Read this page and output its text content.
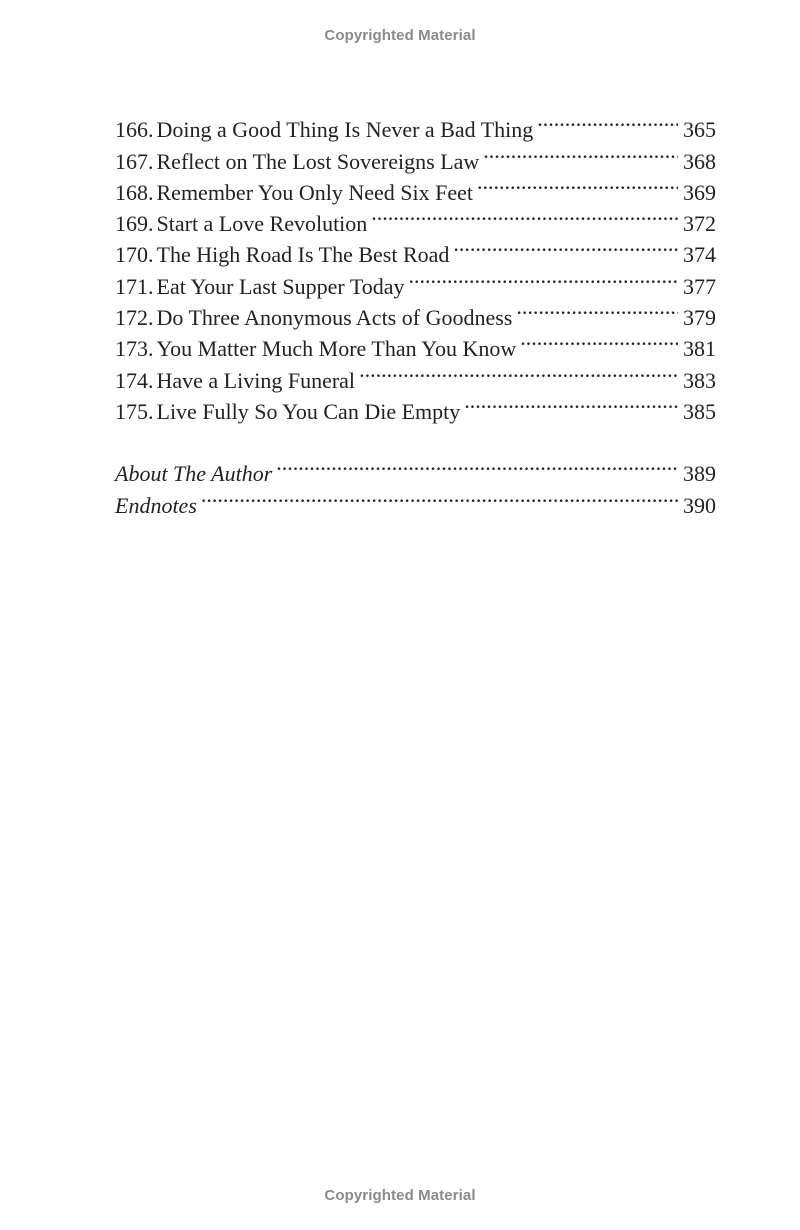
Copyrighted Material
166. Doing a Good Thing Is Never a Bad Thing .....	365
167. Reflect on The Lost Sovereigns Law .....	368
168. Remember You Only Need Six Feet .....	369
169. Start a Love Revolution .....	372
170. The High Road Is The Best Road .....	374
171. Eat Your Last Supper Today .....	377
172. Do Three Anonymous Acts of Goodness .....	379
173. You Matter Much More Than You Know .....	381
174. Have a Living Funeral .....	383
175. Live Fully So You Can Die Empty .....	385
About The Author .....	389
Endnotes .....	390
Copyrighted Material
